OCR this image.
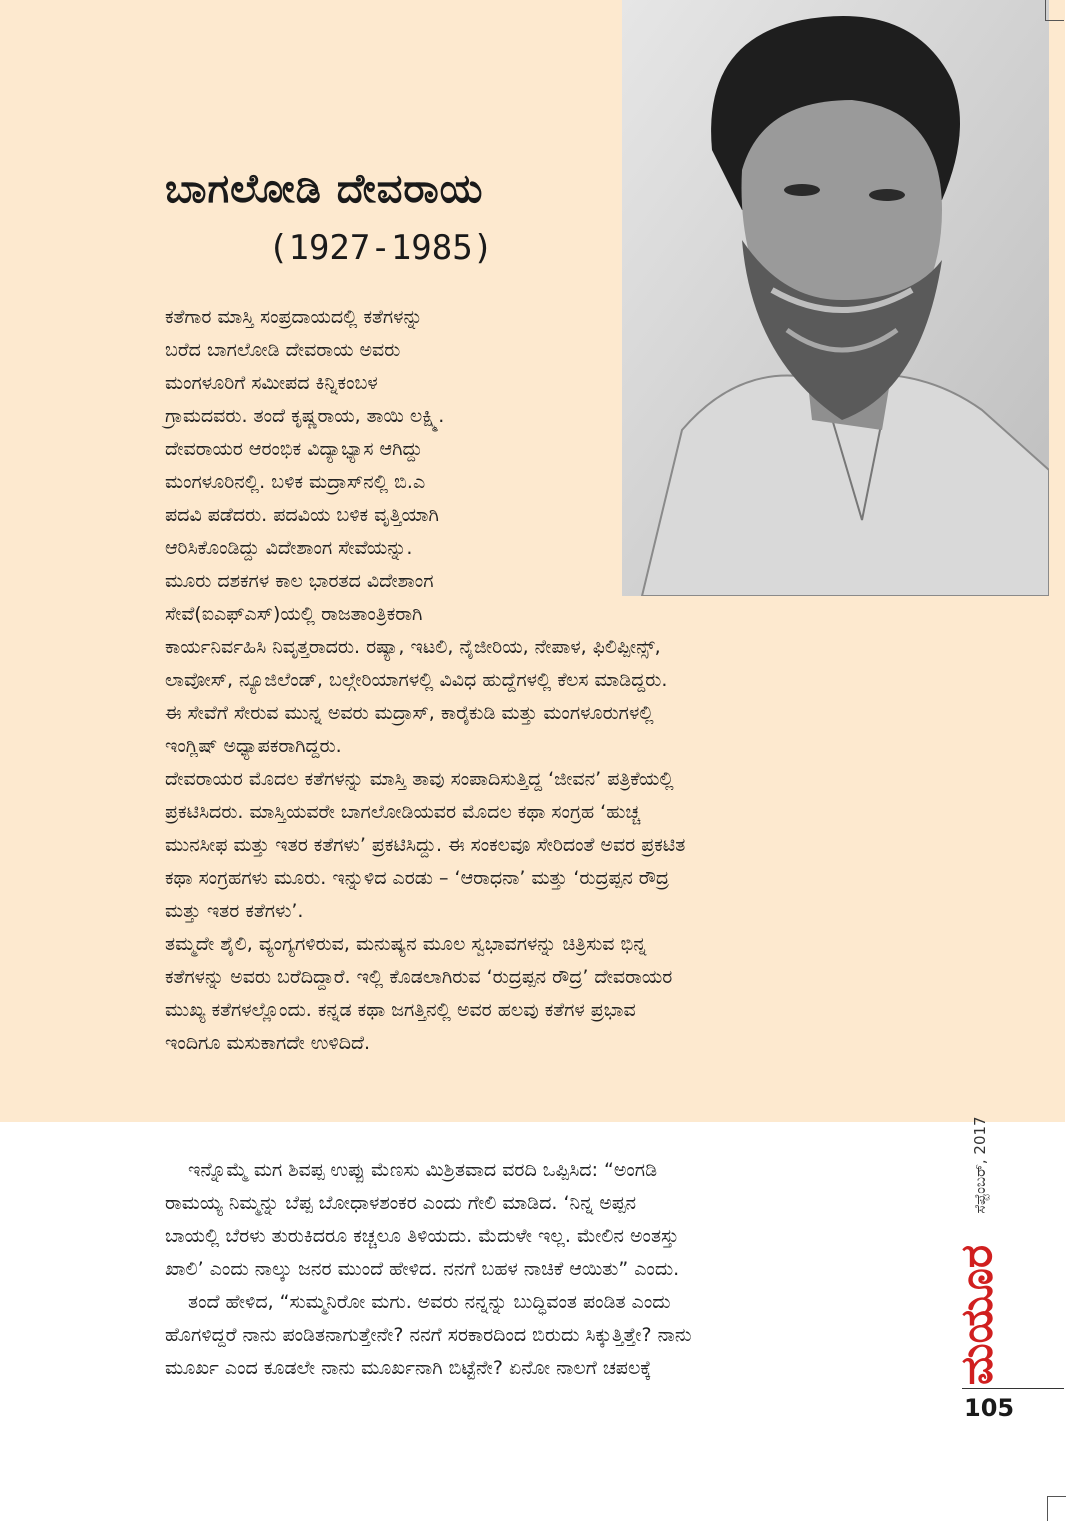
ಬಾಗಲೋಡಿ ದೇವರಾಯ
(1927-1985)

ಕತೆಗಾರ ಮಾಸ್ತಿ ಸಂಪ್ರದಾಯದಲ್ಲಿ ಕತೆಗಳನ್ನು

ಬರೆದ ಬಾಗಲೋಡಿ ದೇವರಾಯ ಅವರು

ಮಂಗಳೂರಿಗೆ ಸಮೀಪದ ಕಿನ್ನಿಕಂಬಳ

ಗ್ರಾಮದವರು. ತಂದೆ ಕೃಷ್ಣರಾಯ, ತಾಯಿ ಲಕ್ಷ್ಮಿ.

ದೇವರಾಯರ ಆರಂಭಿಕ ವಿದ್ಯಾಭ್ಯಾಸ ಆಗಿದ್ದು

ಮಂಗಳೂರಿನಲ್ಲಿ. ಬಳಿಕ ಮದ್ರಾಸ್‌ನಲ್ಲಿ ಬಿ.ಎ

ಪದವಿ ಪಡೆದರು. ಪದವಿಯ ಬಳಿಕ ವೃತ್ತಿಯಾಗಿ

ಆರಿಸಿಕೊಂಡಿದ್ದು ವಿದೇಶಾಂಗ ಸೇವೆಯನ್ನು.

ಮೂರು ದಶಕಗಳ ಕಾಲ ಭಾರತದ ವಿದೇಶಾಂಗ

ಸೇವೆ(ಐಎಫ್‌ಎಸ್)ಯಲ್ಲಿ ರಾಜತಾಂತ್ರಿಕರಾಗಿ

ಕಾರ್ಯನಿರ್ವಹಿಸಿ ನಿವೃತ್ತರಾದರು. ರಷ್ಯಾ, ಇಟಲಿ, ನೈಜೀರಿಯ, ನೇಪಾಳ, ಫಿಲಿಪ್ಪೀನ್ಸ್,

ಲಾವೋಸ್, ನ್ಯೂಜಿಲೆಂಡ್, ಬಲ್ಗೇರಿಯಾಗಳಲ್ಲಿ ವಿವಿಧ ಹುದ್ದೆಗಳಲ್ಲಿ ಕೆಲಸ ಮಾಡಿದ್ದರು.

ಈ ಸೇವೆಗೆ ಸೇರುವ ಮುನ್ನ ಅವರು ಮದ್ರಾಸ್, ಕಾರೈಕುಡಿ ಮತ್ತು ಮಂಗಳೂರುಗಳಲ್ಲಿ

ಇಂಗ್ಲಿಷ್ ಅಧ್ಯಾಪಕರಾಗಿದ್ದರು.

ದೇವರಾಯರ ಮೊದಲ ಕತೆಗಳನ್ನು ಮಾಸ್ತಿ ತಾವು ಸಂಪಾದಿಸುತ್ತಿದ್ದ ‘ಜೀವನ’ ಪತ್ರಿಕೆಯಲ್ಲಿ

ಪ್ರಕಟಿಸಿದರು. ಮಾಸ್ತಿಯವರೇ ಬಾಗಲೋಡಿಯವರ ಮೊದಲ ಕಥಾ ಸಂಗ್ರಹ ‘ಹುಚ್ಚ

ಮುನಸೀಫ ಮತ್ತು ಇತರ ಕತೆಗಳು’ ಪ್ರಕಟಿಸಿದ್ದು. ಈ ಸಂಕಲವೂ ಸೇರಿದಂತೆ ಅವರ ಪ್ರಕಟಿತ

ಕಥಾ ಸಂಗ್ರಹಗಳು ಮೂರು. ಇನ್ನುಳಿದ ಎರಡು – ‘ಆರಾಧನಾ’ ಮತ್ತು ‘ರುದ್ರಪ್ಪನ ರೌದ್ರ

ಮತ್ತು ಇತರ ಕತೆಗಳು’.

ತಮ್ಮದೇ ಶೈಲಿ, ವ್ಯಂಗ್ಯಗಳಿರುವ, ಮನುಷ್ಯನ ಮೂಲ ಸ್ವಭಾವಗಳನ್ನು ಚಿತ್ರಿಸುವ ಭಿನ್ನ

ಕತೆಗಳನ್ನು ಅವರು ಬರೆದಿದ್ದಾರೆ. ಇಲ್ಲಿ ಕೊಡಲಾಗಿರುವ ‘ರುದ್ರಪ್ಪನ ರೌದ್ರ’ ದೇವರಾಯರ

ಮುಖ್ಯ ಕತೆಗಳಲ್ಲೊಂದು. ಕನ್ನಡ ಕಥಾ ಜಗತ್ತಿನಲ್ಲಿ ಅವರ ಹಲವು ಕತೆಗಳ ಪ್ರಭಾವ

ಇಂದಿಗೂ ಮಸುಕಾಗದೇ ಉಳಿದಿದೆ.

ಇನ್ನೊಮ್ಮೆ ಮಗ ಶಿವಪ್ಪ ಉಪ್ಪು ಮೆಣಸು ಮಿಶ್ರಿತವಾದ ವರದಿ ಒಪ್ಪಿಸಿದ: “ಅಂಗಡಿ

ರಾಮಯ್ಯ ನಿಮ್ಮನ್ನು ಬೆಪ್ಪ ಬೋಧಾಳಶಂಕರ ಎಂದು ಗೇಲಿ ಮಾಡಿದ. ‘ನಿನ್ನ ಅಪ್ಪನ

ಬಾಯಲ್ಲಿ ಬೆರಳು ತುರುಕಿದರೂ ಕಚ್ಚಲೂ ತಿಳಿಯದು. ಮೆದುಳೇ ಇಲ್ಲ. ಮೇಲಿನ ಅಂತಸ್ತು

ಖಾಲಿ’ ಎಂದು ನಾಲ್ಕು ಜನರ ಮುಂದೆ ಹೇಳಿದ. ನನಗೆ ಬಹಳ ನಾಚಿಕೆ ಆಯಿತು” ಎಂದು.

ತಂದೆ ಹೇಳಿದ, “ಸುಮ್ಮನಿರೋ ಮಗು. ಅವರು ನನ್ನನ್ನು ಬುದ್ಧಿವಂತ ಪಂಡಿತ ಎಂದು

ಹೊಗಳಿದ್ದರೆ ನಾನು ಪಂಡಿತನಾಗುತ್ತೇನೇ? ನನಗೆ ಸರಕಾರದಿಂದ ಬಿರುದು ಸಿಕ್ಕುತ್ತಿತ್ತೇ? ನಾನು

ಮೂರ್ಖ ಎಂದ ಕೂಡಲೇ ನಾನು ಮೂರ್ಖನಾಗಿ ಬಿಟ್ಟೆನೇ? ಏನೋ ನಾಲಗೆ ಚಪಲಕ್ಕೆ

ಸೆಪ್ಟೆಂಬರ್, 2017
ಮಯೂರ
105
